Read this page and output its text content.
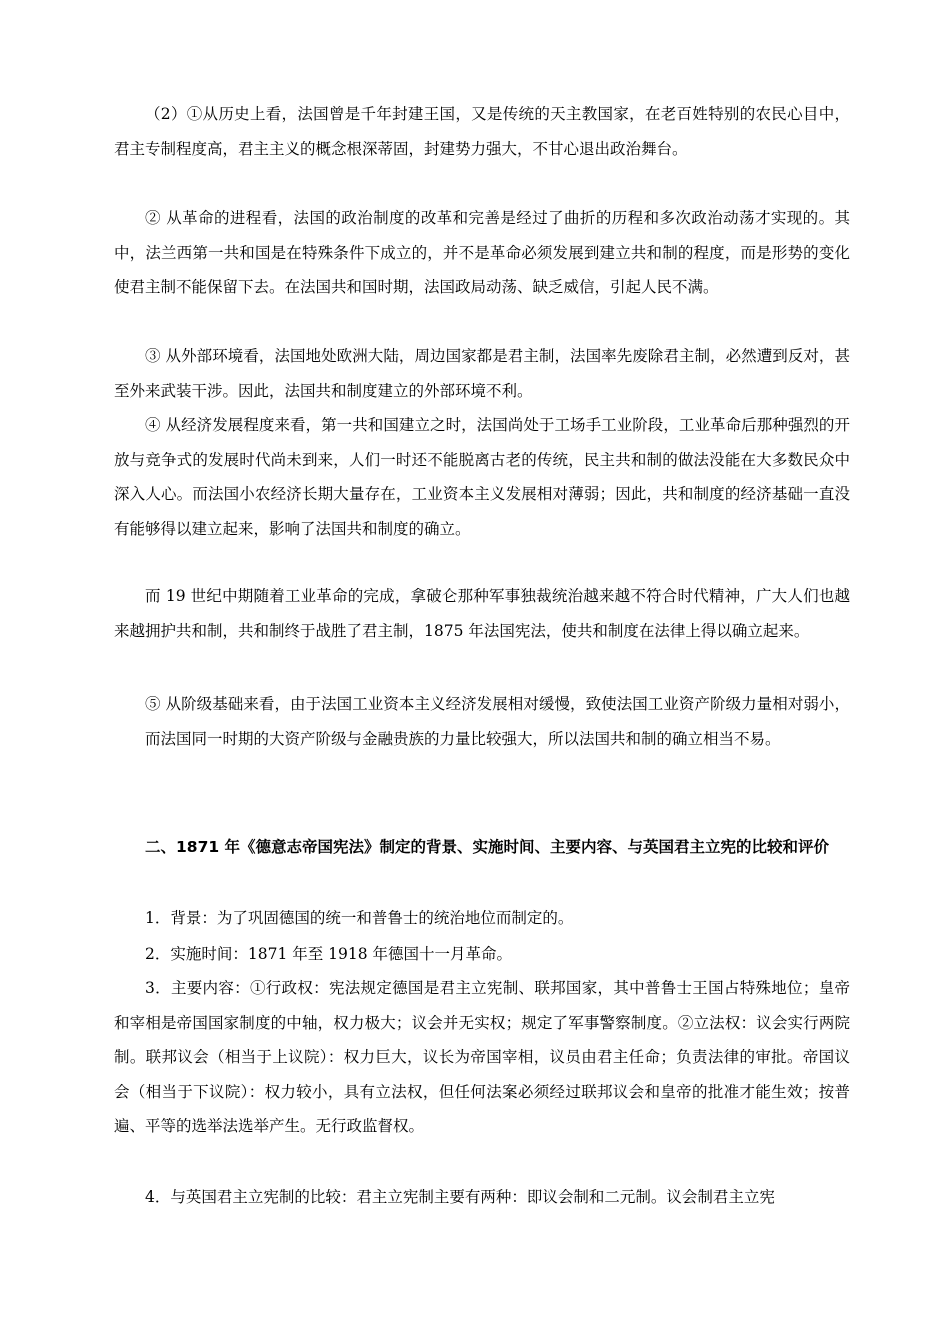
（2）①从历史上看，法国曾是千年封建王国，又是传统的天主教国家，在老百姓特别的农民心目中，君主专制程度高，君主主义的概念根深蒂固，封建势力强大，不甘心退出政治舞台。

② 从革命的进程看，法国的政治制度的改革和完善是经过了曲折的历程和多次政治动荡才实现的。其中，法兰西第一共和国是在特殊条件下成立的，并不是革命必须发展到建立共和制的程度，而是形势的变化使君主制不能保留下去。在法国共和国时期，法国政局动荡、缺乏威信，引起人民不满。

③ 从外部环境看，法国地处欧洲大陆，周边国家都是君主制，法国率先废除君主制，必然遭到反对，甚至外来武装干涉。因此，法国共和制度建立的外部环境不利。

④ 从经济发展程度来看，第一共和国建立之时，法国尚处于工场手工业阶段，工业革命后那种强烈的开放与竞争式的发展时代尚未到来，人们一时还不能脱离古老的传统，民主共和制的做法没能在大多数民众中深入人心。而法国小农经济长期大量存在，工业资本主义发展相对薄弱；因此，共和制度的经济基础一直没有能够得以建立起来，影响了法国共和制度的确立。

而 19 世纪中期随着工业革命的完成，拿破仑那种军事独裁统治越来越不符合时代精神，广大人们也越来越拥护共和制，共和制终于战胜了君主制，1875 年法国宪法，使共和制度在法律上得以确立起来。

⑤ 从阶级基础来看，由于法国工业资本主义经济发展相对缓慢，致使法国工业资产阶级力量相对弱小，而法国同一时期的大资产阶级与金融贵族的力量比较强大，所以法国共和制的确立相当不易。

二、1871 年《德意志帝国宪法》制定的背景、实施时间、主要内容、与英国君主立宪的比较和评价

1．背景：为了巩固德国的统一和普鲁士的统治地位而制定的。

2．实施时间：1871 年至 1918 年德国十一月革命。

3．主要内容：①行政权：宪法规定德国是君主立宪制、联邦国家，其中普鲁士王国占特殊地位；皇帝和宰相是帝国国家制度的中轴，权力极大；议会并无实权；规定了军事警察制度。②立法权：议会实行两院制。联邦议会（相当于上议院）：权力巨大，议长为帝国宰相，议员由君主任命；负责法律的审批。帝国议会（相当于下议院）：权力较小，具有立法权，但任何法案必须经过联邦议会和皇帝的批准才能生效；按普遍、平等的选举法选举产生。无行政监督权。

4．与英国君主立宪制的比较：君主立宪制主要有两种：即议会制和二元制。议会制君主立宪
